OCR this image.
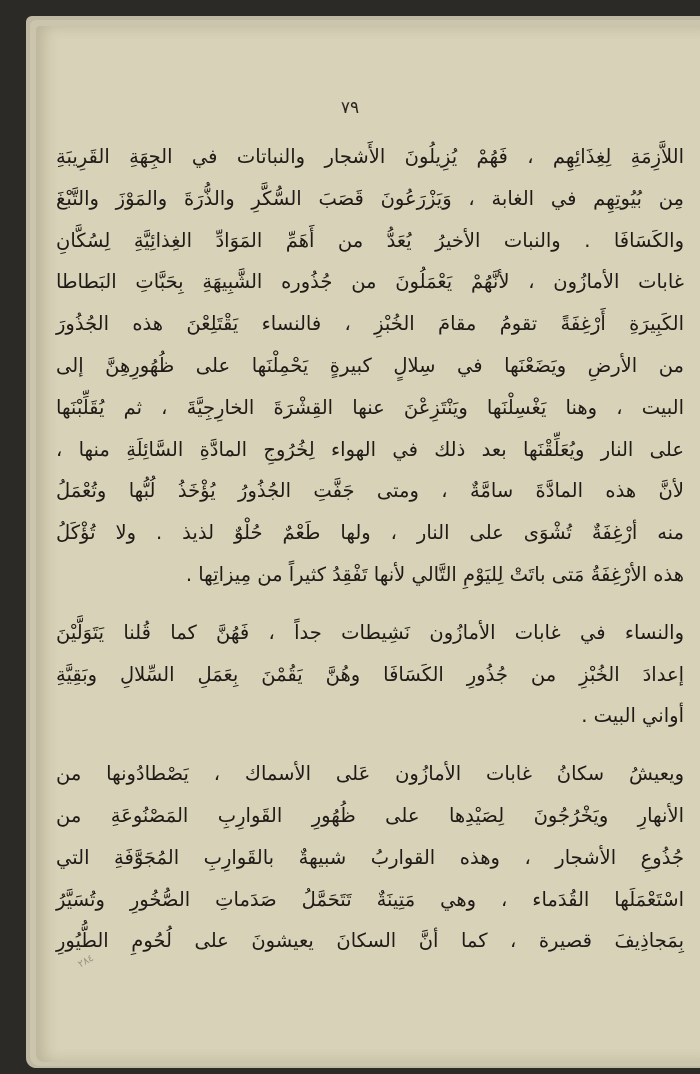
٧٩
اللاَّزِمَةِ لِغِذَائِهِم ، فَهُمْ يُزِيلُونَ الأَشجار والنباتات في الجِهَةِ القَرِيبَةِ
مِن بُيُوتِهِم في الغابة ، وَيَزْرَعُونَ قَصَبَ السُّكَّرِ والذُّرَةَ والمَوْزَ والتَّبْغَ
والكَسَافَا . والنبات الأخيرُ يُعَدُّ من أَهَمِّ المَوَادِّ الغِذائِيَّةِ لِسُكَّانِ
غابات الأمازُون ، لأنَّهُمْ يَعْمَلُونَ من جُذُوره الشَّبِيهَةِ بِحَبَّاتِ البَطاطا
الكَبِيرَةِ أَرْغِفَةً تقومُ مقامَ الخُبْزِ ، فالنساء يَقْتَلِعْنَ هذه الجُذُورَ
من الأرضِ ويَضَعْنَها في سِلالٍ كبيرةٍ يَحْمِلْنَها على ظُهُورِهِنَّ إلى
البيت ، وهنا يَغْسِلْنَها ويَنْتَزِعْنَ عنها القِشْرَةَ الخارِجِيَّةَ ، ثم يُقَلِّبْنَها
على النار ويُعَلِّقْنَها بعد ذلك في الهواء لِخُرُوجِ المادَّةِ السَّائِلَةِ منها ،
لأنَّ هذه المادَّةَ سامَّةٌ ، ومتى جَفَّتِ الجُذُورُ يُؤْخَذُ لُبُّها وتُعْمَلُ
منه أرْغِفَةٌ تُشْوَى على النار ، ولها طَعْمٌ حُلْوٌ لذيذ . ولا تُؤْكَلُ
هذه الأرْغِفَةُ مَتى باتَتْ لِليَوْمِ التَّالي لأنها تَفْقِدُ كثيراً من مِيزاتِها .
والنساء في غابات الأمازُون نَشِيطات جداً ، فَهُنَّ كما قُلنا يَتَوَلَّيْنَ
إعدادَ الخُبْزِ من جُذُورِ الكَسَافَا وهُنَّ يَقُمْنَ بِعَمَلِ السِّلالِ وبَقِيَّةِ
أواني البيت .
ويعيشُ سكانُ غابات الأمازُون عَلى الأسماك ، يَصْطادُونها من
الأنهارِ ويَخْرُجُونَ لِصَيْدِها على ظُهُورِ القَوارِبِ المَصْنُوعَةِ من
جُذُوعِ الأشجار ، وهذه القواربُ شبيهةٌ بالقَوارِبِ المُجَوَّفَةِ التي
اسْتَعْمَلَها القُدَماء ، وهي مَتِينَةٌ تَتَحَمَّلُ صَدَماتِ الصُّخُورِ وتُسَيَّرُ
بِمَجاذِيفَ قصيرة ، كما أنَّ السكانَ يعيشونَ على لُحُومِ الطُّيُورِ
٢٨٤
